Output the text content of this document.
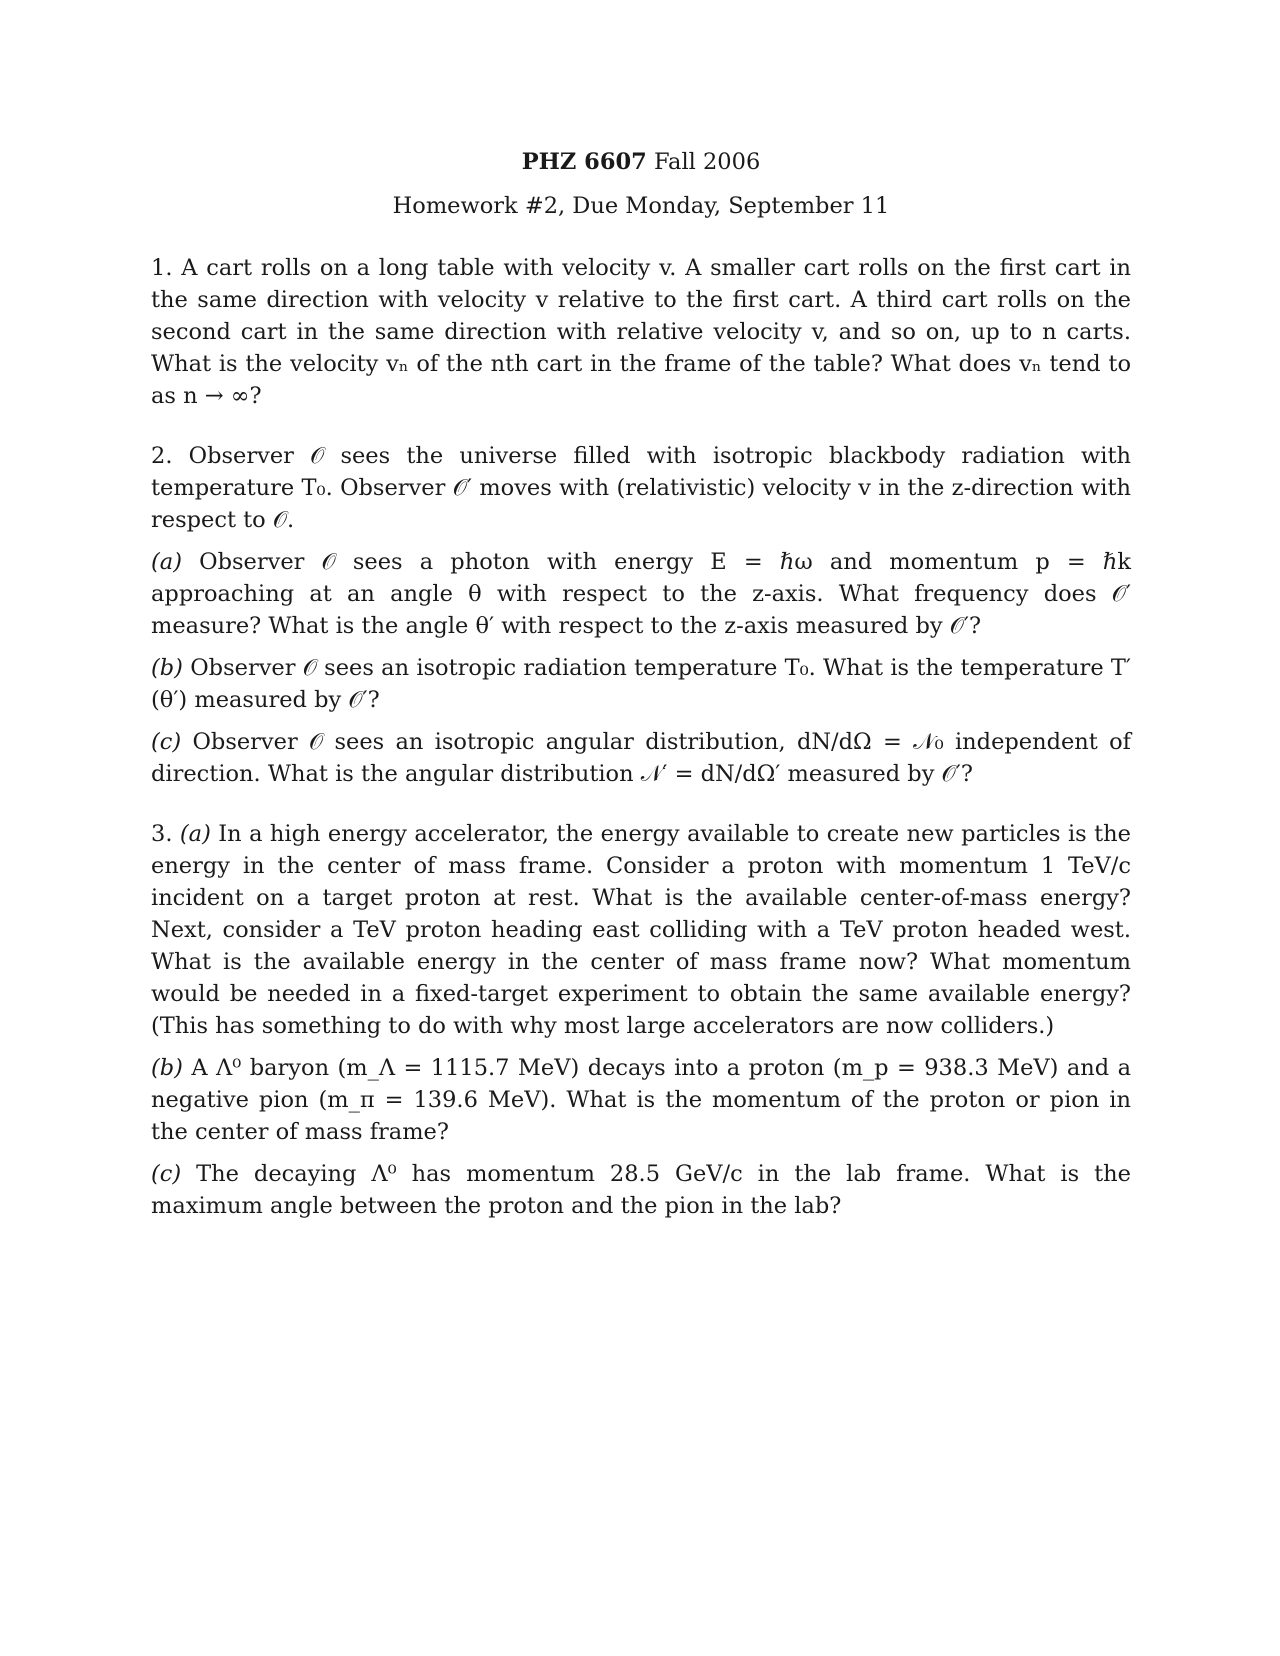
PHZ 6607 Fall 2006
Homework #2, Due Monday, September 11

1. A cart rolls on a long table with velocity v. A smaller cart rolls on the first cart in the same direction with velocity v relative to the first cart. A third cart rolls on the second cart in the same direction with relative velocity v, and so on, up to n carts. What is the velocity vₙ of the nth cart in the frame of the table? What does vₙ tend to as n → ∞?

2. Observer 𝒪 sees the universe filled with isotropic blackbody radiation with temperature T₀. Observer 𝒪′ moves with (relativistic) velocity v in the z-direction with respect to 𝒪.

(a) Observer 𝒪 sees a photon with energy E = ℏω and momentum p = ℏk approaching at an angle θ with respect to the z-axis. What frequency does 𝒪′ measure? What is the angle θ′ with respect to the z-axis measured by 𝒪′?

(b) Observer 𝒪 sees an isotropic radiation temperature T₀. What is the temperature T′(θ′) measured by 𝒪′?

(c) Observer 𝒪 sees an isotropic angular distribution, dN/dΩ = 𝒩₀ independent of direction. What is the angular distribution 𝒩′ = dN/dΩ′ measured by 𝒪′?

3. (a) In a high energy accelerator, the energy available to create new particles is the energy in the center of mass frame. Consider a proton with momentum 1 TeV/c incident on a target proton at rest. What is the available center-of-mass energy? Next, consider a TeV proton heading east colliding with a TeV proton headed west. What is the available energy in the center of mass frame now? What momentum would be needed in a fixed-target experiment to obtain the same available energy? (This has something to do with why most large accelerators are now colliders.)

(b) A Λ⁰ baryon (m_Λ = 1115.7 MeV) decays into a proton (m_p = 938.3 MeV) and a negative pion (m_π = 139.6 MeV). What is the momentum of the proton or pion in the center of mass frame?

(c) The decaying Λ⁰ has momentum 28.5 GeV/c in the lab frame. What is the maximum angle between the proton and the pion in the lab?
